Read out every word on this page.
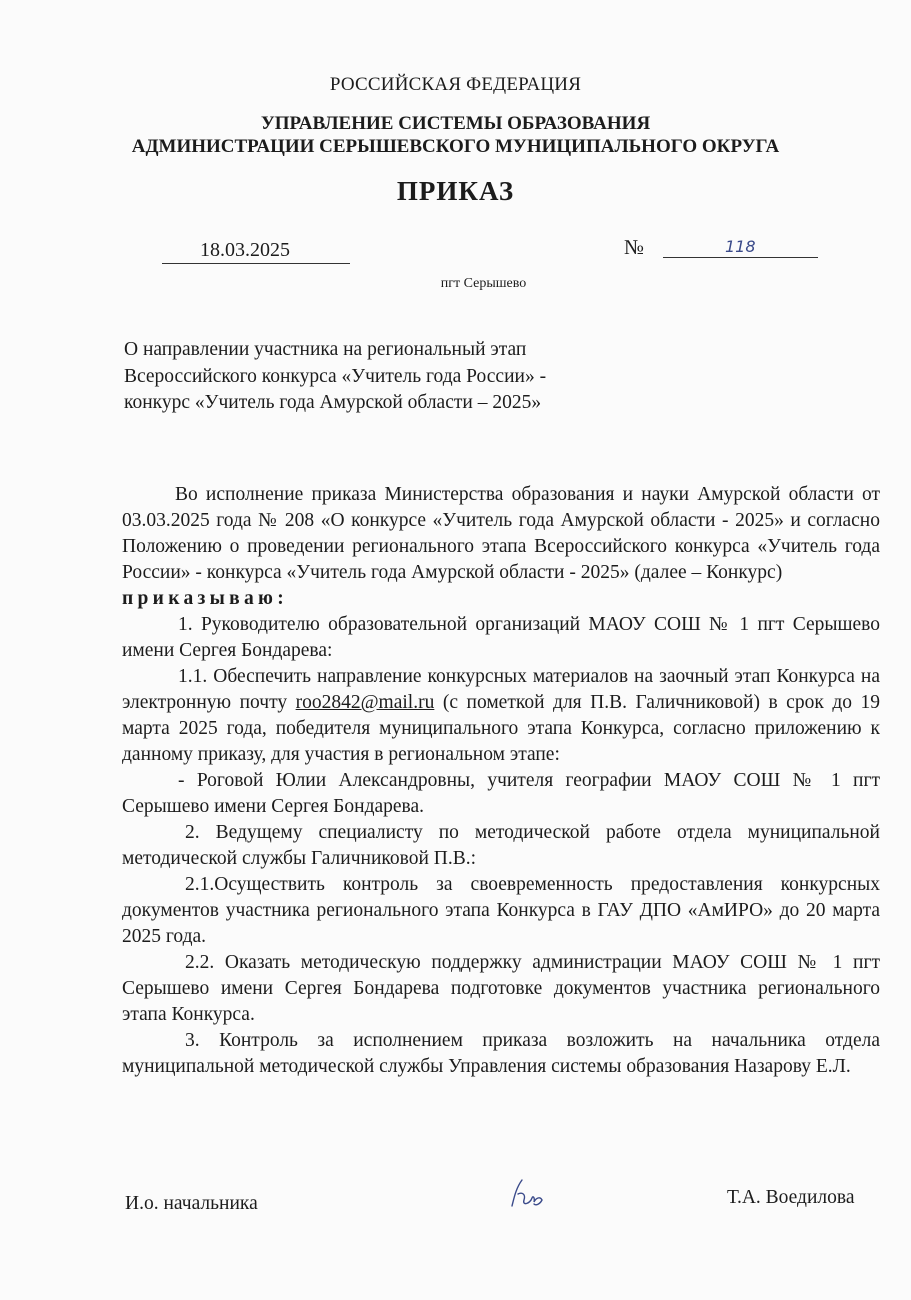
РОССИЙСКАЯ ФЕДЕРАЦИЯ
УПРАВЛЕНИЕ СИСТЕМЫ ОБРАЗОВАНИЯ
АДМИНИСТРАЦИИ СЕРЫШЕВСКОГО МУНИЦИПАЛЬНОГО ОКРУГА
ПРИКАЗ
18.03.2025	№	118
пгт Серышево
О направлении участника на региональный этап Всероссийского конкурса «Учитель года России» - конкурс «Учитель года Амурской области – 2025»

Во исполнение приказа Министерства образования и науки Амурской области от 03.03.2025 года № 208 «О конкурсе «Учитель года Амурской области - 2025» и согласно Положению о проведении регионального этапа Всероссийского конкурса «Учитель года России» - конкурса «Учитель года Амурской области - 2025» (далее – Конкурс)

приказываю:

1. Руководителю образовательной организаций МАОУ СОШ № 1 пгт Серышево имени Сергея Бондарева:

1.1. Обеспечить направление конкурсных материалов на заочный этап Конкурса на электронную почту roo2842@mail.ru (с пометкой для П.В. Галичниковой) в срок до 19 марта 2025 года, победителя муниципального этапа Конкурса, согласно приложению к данному приказу, для участия в региональном этапе:

- Роговой Юлии Александровны, учителя географии МАОУ СОШ № 1 пгт Серышево имени Сергея Бондарева.

2. Ведущему специалисту по методической работе отдела муниципальной методической службы Галичниковой П.В.:

2.1.Осуществить контроль за своевременность предоставления конкурсных документов участника регионального этапа Конкурса в ГАУ ДПО «АмИРО» до 20 марта 2025 года.

2.2. Оказать методическую поддержку администрации МАОУ СОШ № 1 пгт Серышево имени Сергея Бондарева подготовке документов участника регионального этапа Конкурса.

3. Контроль за исполнением приказа возложить на начальника отдела муниципальной методической службы Управления системы образования Назарову Е.Л.

И.о. начальника	Т.А. Воедилова
